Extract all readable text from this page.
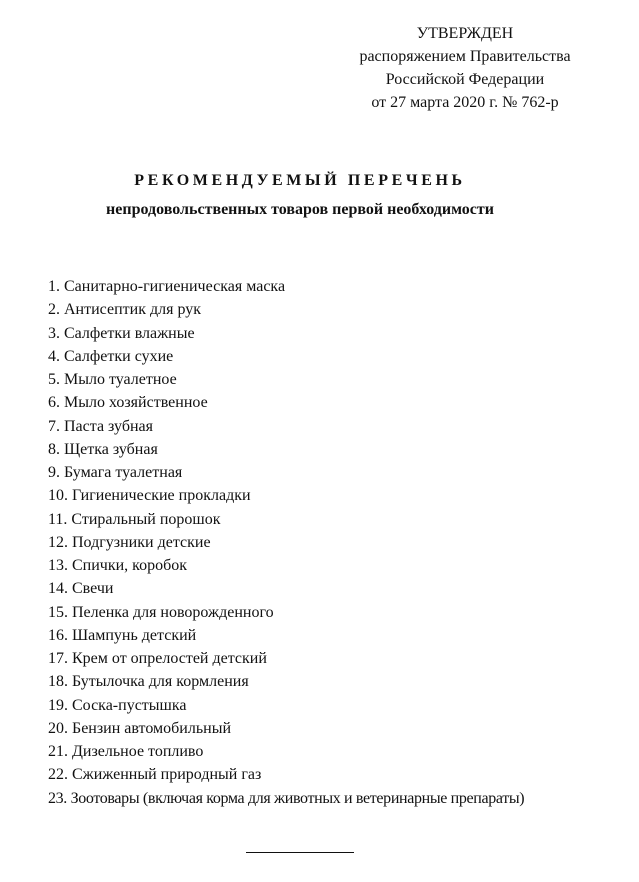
УТВЕРЖДЕН
распоряжением Правительства
Российской Федерации
от 27 марта 2020 г. № 762-р
РЕКОМЕНДУЕМЫЙ ПЕРЕЧЕНЬ
непродовольственных товаров первой необходимости
1. Санитарно-гигиеническая маска
2. Антисептик для рук
3. Салфетки влажные
4. Салфетки сухие
5. Мыло туалетное
6. Мыло хозяйственное
7. Паста зубная
8. Щетка зубная
9. Бумага туалетная
10. Гигиенические прокладки
11. Стиральный порошок
12. Подгузники детские
13. Спички, коробок
14. Свечи
15. Пеленка для новорожденного
16. Шампунь детский
17. Крем от опрелостей детский
18. Бутылочка для кормления
19. Соска-пустышка
20. Бензин автомобильный
21. Дизельное топливо
22. Сжиженный природный газ
23. Зоотовары (включая корма для животных и ветеринарные препараты)
